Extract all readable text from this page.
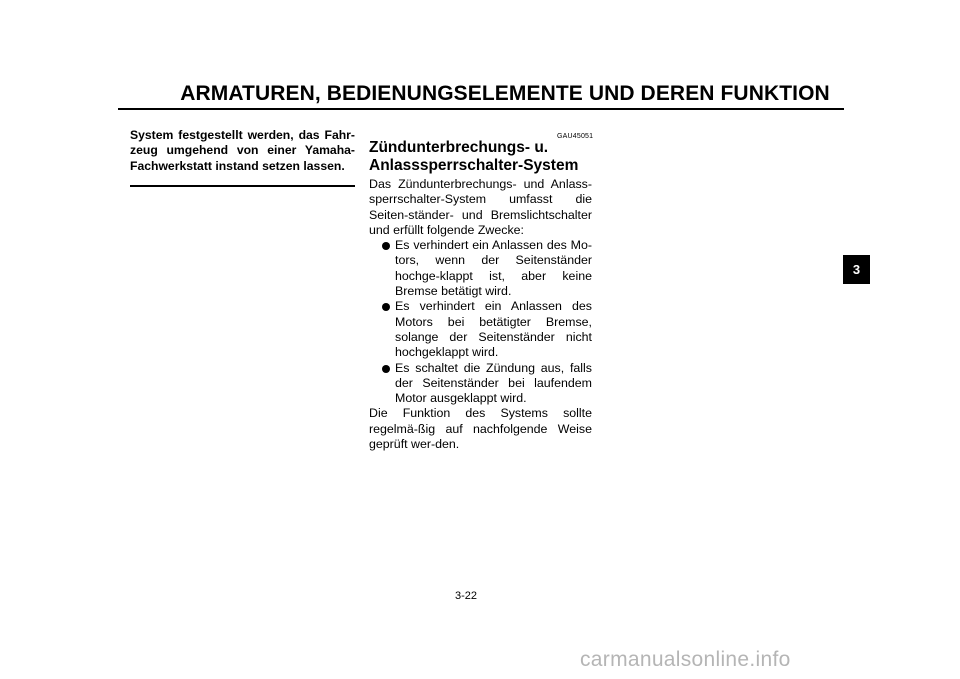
ARMATUREN, BEDIENUNGSELEMENTE UND DEREN FUNKTION
System festgestellt werden, das Fahr-zeug umgehend von einer Yamaha-Fachwerkstatt instand setzen lassen.
GAU45051
Zündunterbrechungs- u. Anlasssperrschalter-System

Das Zündunterbrechungs- und Anlass-sperrschalter-System umfasst die Seiten-ständer- und Bremslichtschalter und erfüllt folgende Zwecke:

Es verhindert ein Anlassen des Mo-tors, wenn der Seitenständer hochge-klappt ist, aber keine Bremse betätigt wird.
Es verhindert ein Anlassen des Motors bei betätigter Bremse, solange der Seitenständer nicht hochgeklappt wird.
Es schaltet die Zündung aus, falls der Seitenständer bei laufendem Motor ausgeklappt wird.

Die Funktion des Systems sollte regelmä-ßig auf nachfolgende Weise geprüft wer-den.

3
3-22
carmanualsonline.info
